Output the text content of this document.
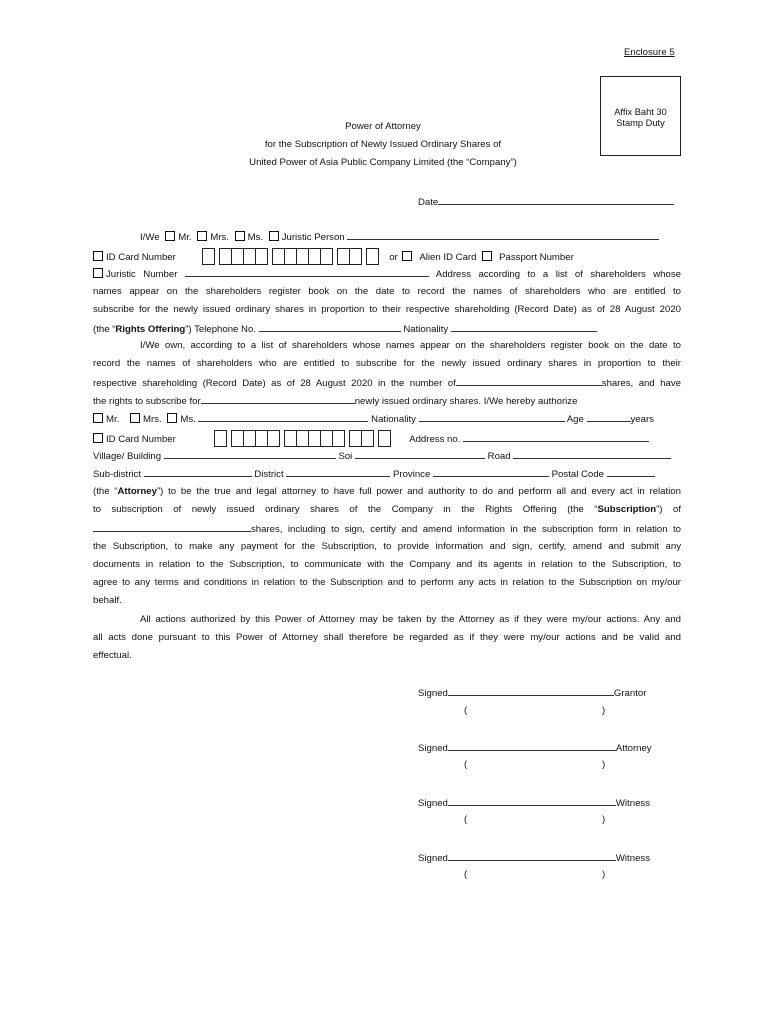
Enclosure 5
Affix Baht 30
Stamp Duty
Power of Attorney
for the Subscription of Newly Issued Ordinary Shares of
United Power of Asia Public Company Limited (the “Company”)
Date
I/We Mr. Mrs. Ms. Juristic Person
ID Card Number	or Alien ID Card Passport Number
Juristic Number	Address according to a list of shareholders whose
names appear on the shareholders register book on the date to record the names of shareholders who are entitled to
subscribe for the newly issued ordinary shares in proportion to their respective shareholding (Record Date) as of 28 August 2020
(the “Rights Offering”) Telephone No.	Nationality
I/We own, according to a list of shareholders whose names appear on the shareholders register book on the date to
record the names of shareholders who are entitled to subscribe for the newly issued ordinary shares in proportion to their
respective shareholding (Record Date) as of 28 August 2020 in the number of	shares, and have
the rights to subscribe for	newly issued ordinary shares. I/We hereby authorize
Mr. Mrs. Ms.	Nationality	Age	years
ID Card Number	Address no.
Village/ Building	Soi	Road
Sub-district	District	Province	Postal Code
(the “Attorney”) to be the true and legal attorney to have full power and authority to do and perform all and every act in relation
to subscription of newly issued ordinary shares of the Company in the Rights Offering (the “Subscription”) of
shares, including to sign, certify and amend information in the subscription form in relation to
the Subscription, to make any payment for the Subscription, to provide information and sign, certify, amend and submit any
documents in relation to the Subscription, to communicate with the Company and its agents in relation to the Subscription, to
agree to any terms and conditions in relation to the Subscription and to perform any acts in relation to the Subscription on my/our
behalf.
All actions authorized by this Power of Attorney may be taken by the Attorney as if they were my/our actions. Any and
all acts done pursuant to this Power of Attorney shall therefore be regarded as if they were my/our actions and be valid and
effectual.
Signed	Grantor
(	)
Signed	Attorney
(	)
Signed	Witness
(	)
Signed	Witness
(	)
